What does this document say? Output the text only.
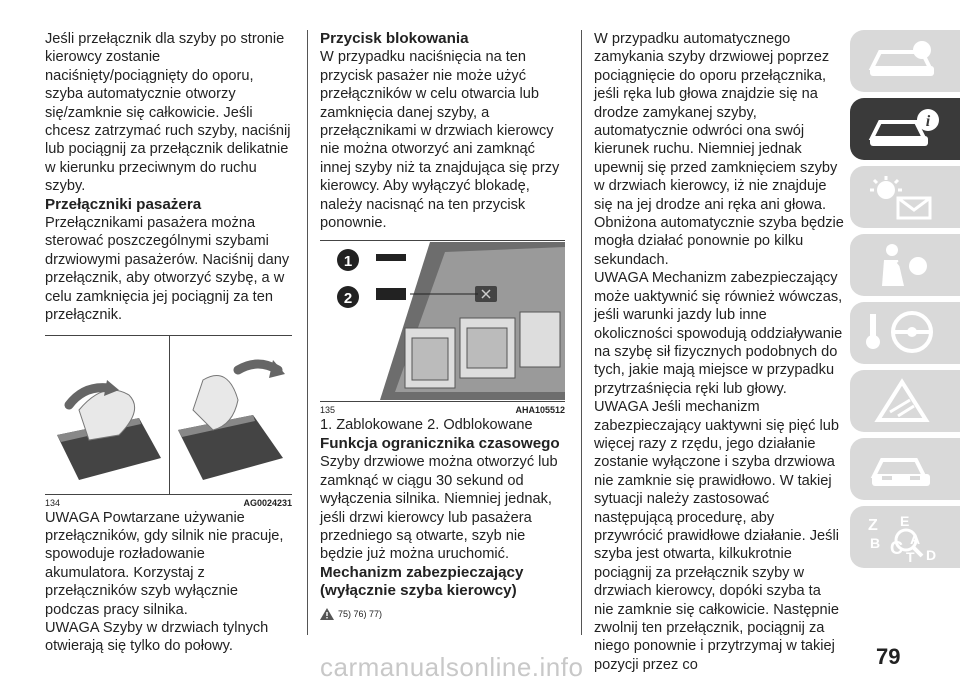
Jeśli przełącznik dla szyby po stronie kierowcy zostanie naciśnięty/pociągnięty do oporu, szyba automatycznie otworzy się/zamknie się całkowicie. Jeśli chcesz zatrzymać ruch szyby, naciśnij lub pociągnij za przełącznik delikatnie w kierunku przeciwnym do ruchu szyby.

Przełączniki pasażera

Przełącznikami pasażera można sterować poszczególnymi szybami drzwiowymi pasażerów. Naciśnij dany przełącznik, aby otworzyć szybę, a w celu zamknięcia jej pociągnij za ten przełącznik.

134	AG0024231

UWAGA Powtarzane używanie przełączników, gdy silnik nie pracuje, spowoduje rozładowanie akumulatora. Korzystaj z przełączników szyb wyłącznie podczas pracy silnika.

UWAGA Szyby w drzwiach tylnych otwierają się tylko do połowy.

Przycisk blokowania

W przypadku naciśnięcia na ten przycisk pasażer nie może użyć przełączników w celu otwarcia lub zamknięcia danej szyby, a przełącznikami w drzwiach kierowcy nie można otworzyć ani zamknąć innej szyby niż ta znajdująca się przy kierowcy. Aby wyłączyć blokadę, należy nacisnąć na ten przycisk ponownie.

1
2
135	AHA105512

1. Zablokowane 2. Odblokowane

Funkcja ogranicznika czasowego

Szyby drzwiowe można otworzyć lub zamknąć w ciągu 30 sekund od wyłączenia silnika. Niemniej jednak, jeśli drzwi kierowcy lub pasażera przedniego są otwarte, szyb nie będzie już można uruchomić.

Mechanizm zabezpieczający (wyłącznie szyba kierowcy)
75) 76) 77)

W przypadku automatycznego zamykania szyby drzwiowej poprzez pociągnięcie do oporu przełącznika, jeśli ręka lub głowa znajdzie się na drodze zamykanej szyby, automatycznie odwróci ona swój kierunek ruchu. Niemniej jednak upewnij się przed zamknięciem szyby w drzwiach kierowcy, iż nie znajduje się na jej drodze ani ręka ani głowa. Obniżona automatycznie szyba będzie mogła działać ponownie po kilku sekundach.

UWAGA Mechanizm zabezpieczający może uaktywnić się również wówczas, jeśli warunki jazdy lub inne okoliczności spowodują oddziaływanie na szybę sił fizycznych podobnych do tych, jakie mają miejsce w przypadku przytrzaśnięcia ręki lub głowy.

UWAGA Jeśli mechanizm zabezpieczający uaktywni się pięć lub więcej razy z rzędu, jego działanie zostanie wyłączone i szyba drzwiowa nie zamknie się prawidłowo. W takiej sytuacji należy zastosować następującą procedurę, aby przywrócić prawidłowe działanie. Jeśli szyba jest otwarta, kilkukrotnie pociągnij za przełącznik szyby w drzwiach kierowcy, dopóki szyba ta nie zamknie się całkowicie. Następnie zwolnij ten przełącznik, pociągnij za niego ponownie i przytrzymaj w takiej pozycji przez co

i
Z E
B C T
A
D
carmanualsonline.info	79
